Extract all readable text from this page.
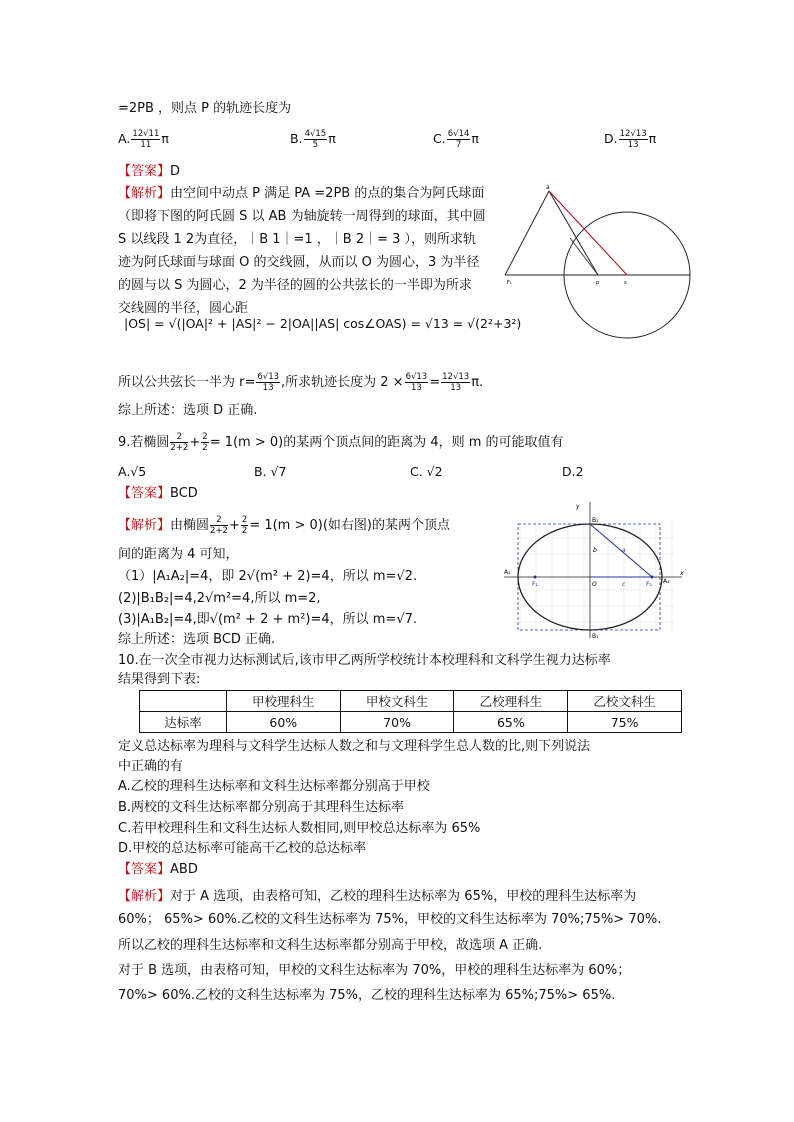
=2PB ，则点 P 的轨迹长度为
A. $\frac{12√11}{11}$ π	B. $\frac{4√15}{5}$ π	C. $\frac{6√14}{7}$ π	D. $\frac{12√13}{13}$ π
【答案】D
【解析】由空间中动点 P 满足 PA =2PB 的点的集合为阿氏球面
（即将下图的阿氏圆 S 以 AB 为轴旋转一周得到的球面，其中圆
S 以线段 1 2为直径，｜B 1｜=1 ，｜B 2｜= 3 ），则所求轨
迹为阿氏球面与球面 O 的交线圆，从而以 O 为圆心，3 为半径
的圆与以 S 为圆心，2 为半径的圆的公共弦长的一半即为所求
交线圆的半径，圆心距
|OS| = √(|OA|² + |AS|² − 2|OA||AS| cos∠OAS) = √13 = √(2²+3²)
所以公共弦长一半为 $r= \frac{6√13}{13}$ ,所求轨迹长度为 $2 \times \frac{6√13}{13} = \frac{12√13}{13} \pi$.
综上所述：选项 D 正确.
a
F₁	p	s
9.若椭圆 $\frac{2}{2+2} + \frac{2}{2} = 1(m > 0)$的某两个顶点间的距离为 4，则 m 的可能取值有
A.√5	B. √7	C. √2	D.2
【答案】BCD
【解析】由椭圆 $\frac{2}{2+2} + \frac{2}{2} = 1(m > 0)$(如右图)的某两个顶点
间的距离为 4 可知，
（1）|A₁A₂|=4，即 2√(m² + 2)=4，所以 m=√2.
(2)|B₁B₂|=4,2√m²=4,所以 m=2,
(3)|A₁B₂|=4,即√(m² + 2 + m²)=4，所以 m=√7.
综上所述：选项 BCD 正确.
y
x
B₂
B₁
A₁
A₂
F₁	F₂
O
b	a
c
10.在一次全市视力达标测试后,该市甲乙两所学校统计本校理科和文科学生视力达标率
结果得到下表:
	甲校理科生	甲校文科生	乙校理科生	乙校文科生
达标率	60%	70%	65%	75%
定义总达标率为理科与文科学生达标人数之和与文理科学生总人数的比,则下列说法
中正确的有
A.乙校的理科生达标率和文科生达标率都分别高于甲校
B.两校的文科生达标率都分别高于其理科生达标率
C.若甲校理科生和文科生达标人数相同,则甲校总达标率为 65%
D.甲校的总达标率可能高干乙校的总达标率
【答案】ABD
【解析】对于 A 选项，由表格可知，乙校的理科生达标率为 65%，甲校的理科生达标率为
60%； 65%> 60%.乙校的文科生达标率为 75%，甲校的文科生达标率为 70%;75%> 70%.
所以乙校的理科生达标率和文科生达标率都分别高于甲校，故选项 A 正确.
对于 B 选项，由表格可知，甲校的文科生达标率为 70%，甲校的理科生达标率为 60%；
70%> 60%.乙校的文科生达标率为 75%，乙校的理科生达标率为 65%;75%> 65%.
